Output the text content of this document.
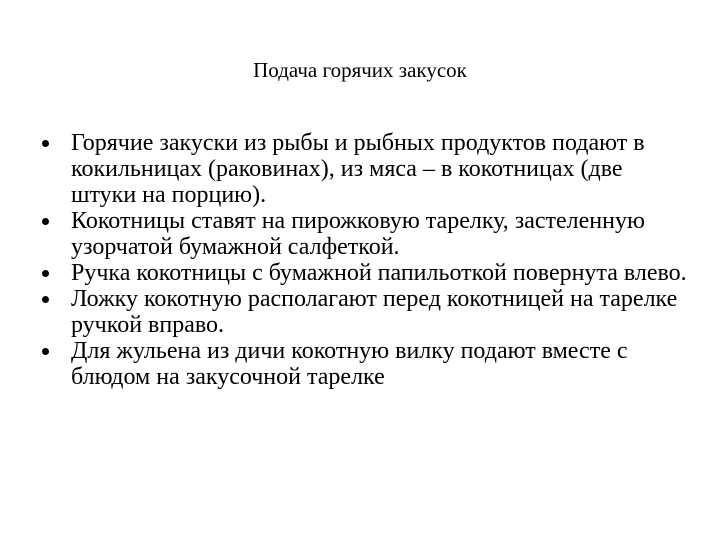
Подача горячих закусок
Горячие закуски из рыбы и рыбных продуктов подают в кокильницах (раковинах), из мяса – в кокотницах (две штуки на порцию).
Кокотницы ставят на пирожковую тарелку, застеленную узорчатой бумажной салфеткой.
Ручка кокотницы с бумажной папильоткой повернута влево.
Ложку кокотную располагают перед кокотницей на тарелке ручкой вправо.
Для жульена из дичи кокотную вилку подают вместе с блюдом на закусочной тарелке
